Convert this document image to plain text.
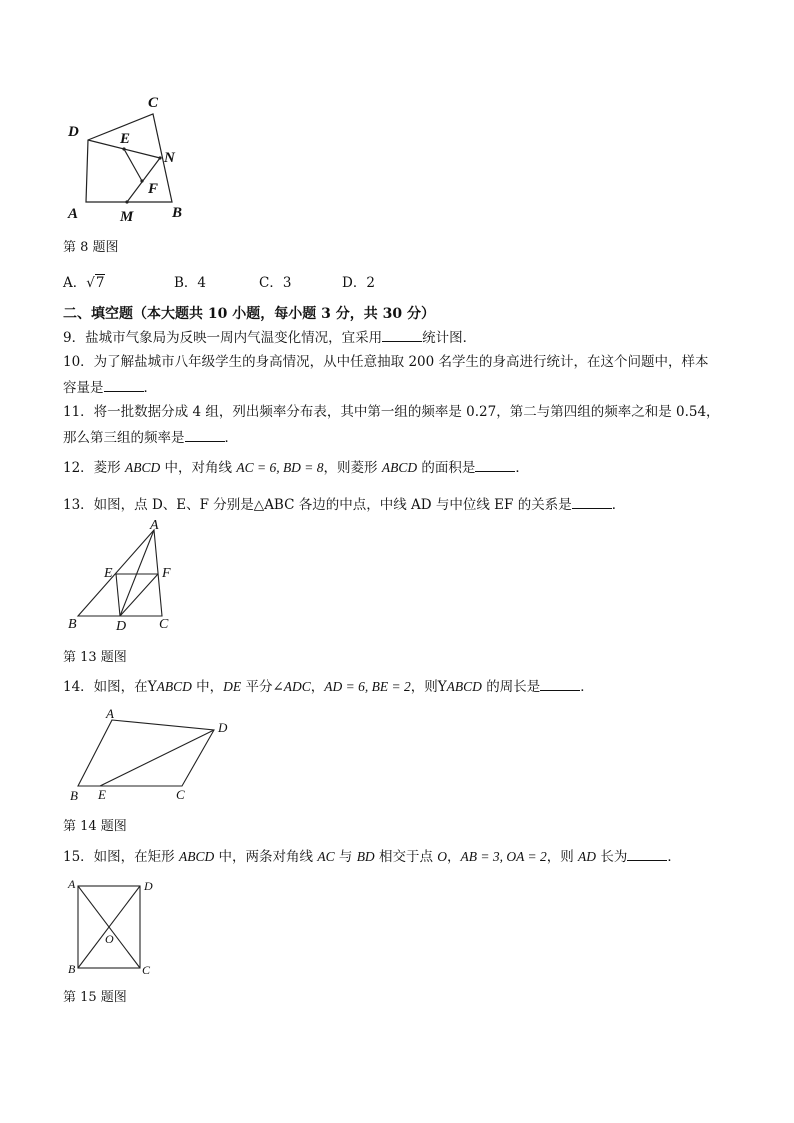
C
D	E
N
F
A	M	B
第 8 题图
A．√7	B．4	C．3	D．2
二、填空题（本大题共 10 小题，每小题 3 分，共 30 分）
9．盐城市气象局为反映一周内气温变化情况，宜采用	统计图．
10．为了解盐城市八年级学生的身高情况，从中任意抽取 200 名学生的身高进行统计，在这个问题中，样本
容量是	．
11．将一批数据分成 4 组，列出频率分布表，其中第一组的频率是 0.27，第二与第四组的频率之和是 0.54，
那么第三组的频率是	．
12．菱形 ABCD 中，对角线 AC = 6, BD = 8，则菱形 ABCD 的面积是	．
13．如图，点 D、E、F 分别是△ABC 各边的中点，中线 AD 与中位线 EF 的关系是	．
A
E	F
B	D C
第 13 题图
14．如图，在YABCD 中，DE 平分∠ADC，AD = 6, BE = 2，则YABCD 的周长是	．
A
D
B E	C
第 14 题图
15．如图，在矩形 ABCD 中，两条对角线 AC 与 BD 相交于点 O，AB = 3, OA = 2，则 AD 长为	．
A	D
O
B	C
第 15 题图
